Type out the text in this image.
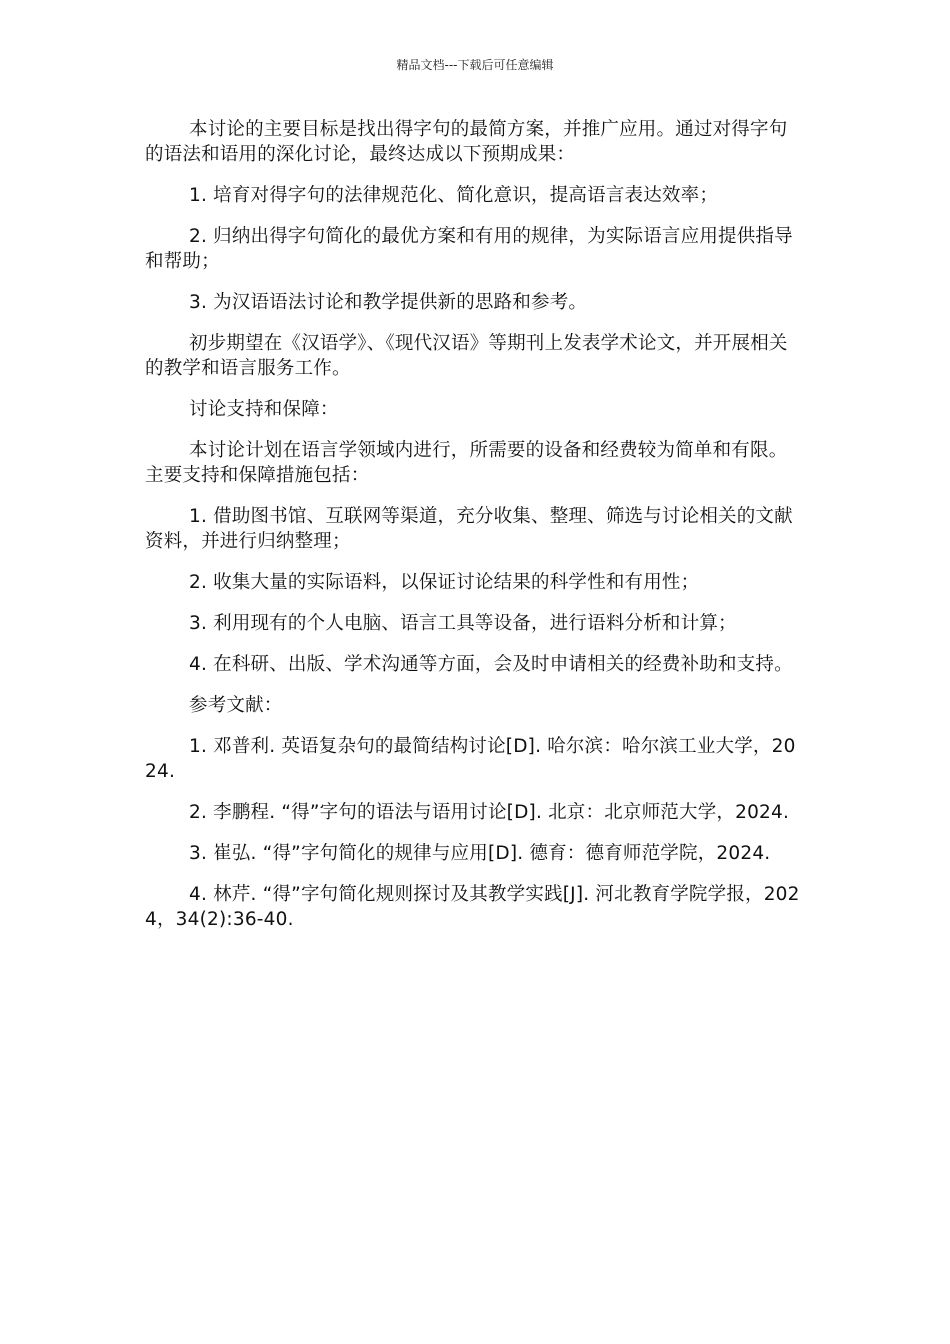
精品文档---下载后可任意编辑

本讨论的主要目标是找出得字句的最简方案，并推广应用。通过对得字句的语法和语用的深化讨论，最终达成以下预期成果：

1. 培育对得字句的法律规范化、简化意识，提高语言表达效率；

2. 归纳出得字句简化的最优方案和有用的规律，为实际语言应用提供指导和帮助；

3. 为汉语语法讨论和教学提供新的思路和参考。

初步期望在《汉语学》、《现代汉语》等期刊上发表学术论文，并开展相关的教学和语言服务工作。

讨论支持和保障：

本讨论计划在语言学领域内进行，所需要的设备和经费较为简单和有限。主要支持和保障措施包括：

1. 借助图书馆、互联网等渠道，充分收集、整理、筛选与讨论相关的文献资料，并进行归纳整理；

2. 收集大量的实际语料，以保证讨论结果的科学性和有用性；

3. 利用现有的个人电脑、语言工具等设备，进行语料分析和计算；

4. 在科研、出版、学术沟通等方面，会及时申请相关的经费补助和支持。

参考文献：

1. 邓普利. 英语复杂句的最简结构讨论[D]. 哈尔滨：哈尔滨工业大学，2024.

2. 李鹏程. “得”字句的语法与语用讨论[D]. 北京：北京师范大学，2024.

3. 崔弘. “得”字句简化的规律与应用[D]. 德育：德育师范学院，2024.

4. 林芹. “得”字句简化规则探讨及其教学实践[J]. 河北教育学院学报，2024，34(2):36-40.
